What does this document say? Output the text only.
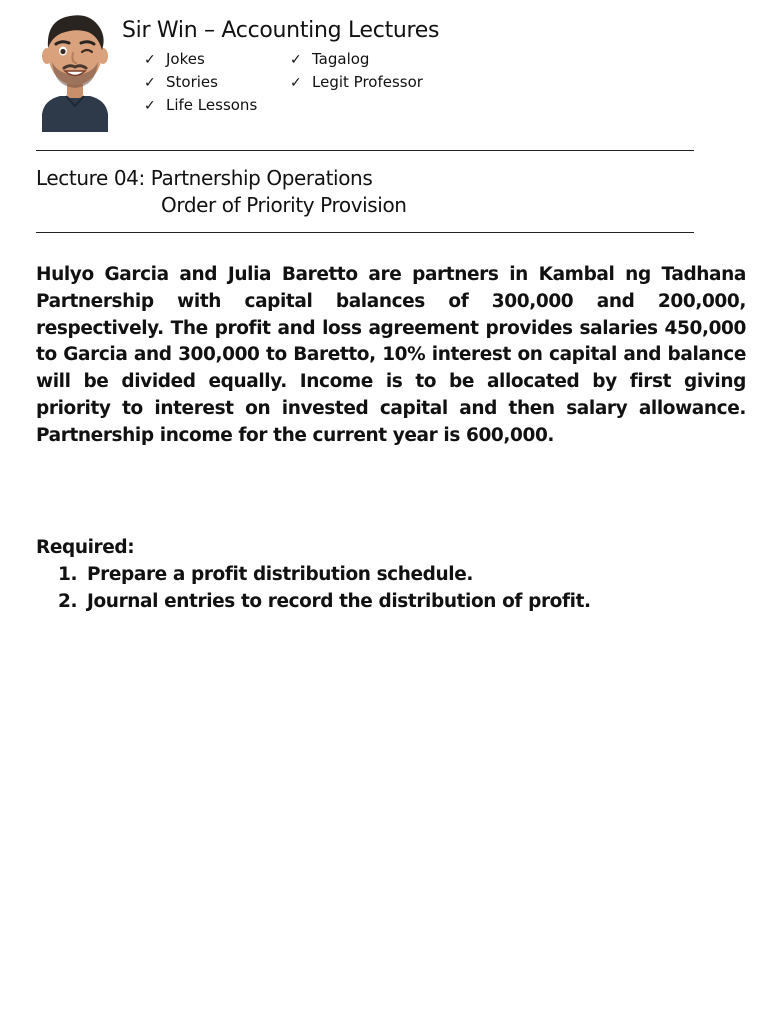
Sir Win – Accounting Lectures
✓ Jokes	✓ Tagalog
✓ Stories	✓ Legit Professor
✓ Life Lessons
Lecture 04: Partnership Operations
Order of Priority Provision

Hulyo Garcia and Julia Baretto are partners in Kambal ng Tadhana Partnership with capital balances of 300,000 and 200,000, respectively. The profit and loss agreement provides salaries 450,000 to Garcia and 300,000 to Baretto, 10% interest on capital and balance will be divided equally. Income is to be allocated by first giving priority to interest on invested capital and then salary allowance. Partnership income for the current year is 600,000.

Required:
1. Prepare a profit distribution schedule.
2. Journal entries to record the distribution of profit.
